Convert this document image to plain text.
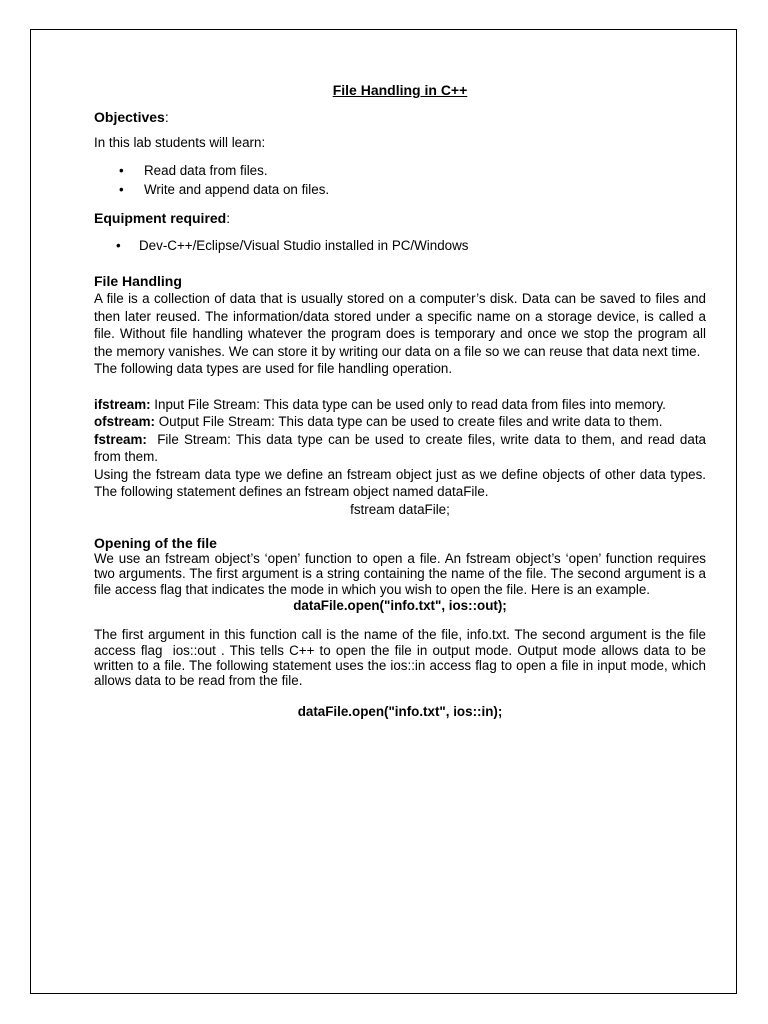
File Handling in C++

Objectives:

In this lab students will learn:

• Read data from files.
• Write and append data on files.

Equipment required:

• Dev-C++/Eclipse/Visual Studio installed in PC/Windows

File Handling

A file is a collection of data that is usually stored on a computer’s disk. Data can be saved to files and then later reused. The information/data stored under a specific name on a storage device, is called a file. Without file handling whatever the program does is temporary and once we stop the program all the memory vanishes. We can store it by writing our data on a file so we can reuse that data next time.

The following data types are used for file handling operation.

ifstream: Input File Stream: This data type can be used only to read data from files into memory.

ofstream: Output File Stream: This data type can be used to create files and write data to them.

fstream:  File Stream: This data type can be used to create files, write data to them, and read data from them.

Using the fstream data type we define an fstream object just as we define objects of other data types. The following statement defines an fstream object named dataFile.

fstream dataFile;

Opening of the file

We use an fstream object’s ‘open’ function to open a file. An fstream object’s ‘open’ function requires two arguments. The first argument is a string containing the name of the file. The second argument is a file access flag that indicates the mode in which you wish to open the file. Here is an example.

dataFile.open("info.txt", ios::out);

The first argument in this function call is the name of the file, info.txt. The second argument is the file access flag  ios::out . This tells C++ to open the file in output mode. Output mode allows data to be written to a file. The following statement uses the ios::in access flag to open a file in input mode, which allows data to be read from the file.

dataFile.open("info.txt", ios::in);
